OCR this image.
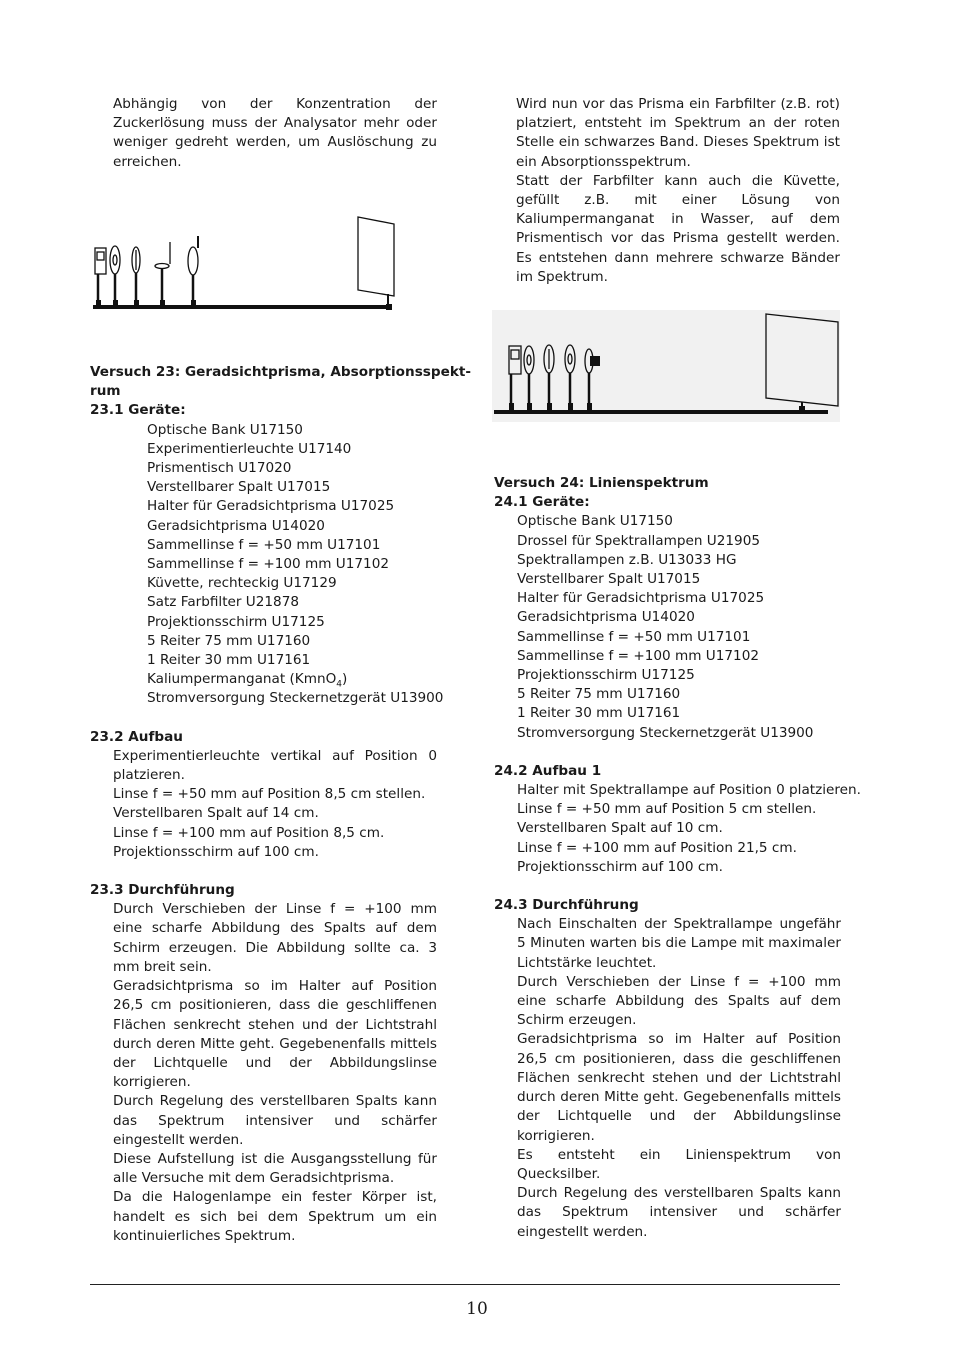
Abhängig von der Konzentration der Zuckerlösung muss der Analysator mehr oder weniger gedreht werden, um Auslöschung zu erreichen.

Versuch 23: Geradsichtprisma, Absorptionsspekt-
rum
23.1 Geräte:
Optische Bank U17150
Experimentierleuchte U17140
Prismentisch U17020
Verstellbarer Spalt U17015
Halter für Geradsichtprisma U17025
Geradsichtprisma U14020
Sammellinse f = +50 mm U17101
Sammellinse f = +100 mm U17102
Küvette, rechteckig U17129
Satz Farbfilter U21878
Projektionsschirm U17125
5 Reiter 75 mm U17160
1 Reiter 30 mm U17161
Kaliumpermanganat (KmnO$_4$)
Stromversorgung Steckernetzgerät U13900
23.2 Aufbau

Experimentierleuchte vertikal auf Position 0 platzieren.

Linse f = +50 mm auf Position 8,5 cm stellen.
Verstellbaren Spalt auf 14 cm.
Linse f = +100 mm auf Position 8,5 cm.
Projektionsschirm auf 100 cm.
23.3 Durchführung

Durch Verschieben der Linse f = +100 mm eine scharfe Abbildung des Spalts auf dem Schirm erzeugen. Die Abbildung sollte ca. 3 mm breit sein.

Geradsichtprisma so im Halter auf Position 26,5 cm positionieren, dass die geschliffenen Flächen senkrecht stehen und der Lichtstrahl durch deren Mitte geht. Gegebenenfalls mittels der Lichtquelle und der Abbildungslinse korrigieren.

Durch Regelung des verstellbaren Spalts kann das Spektrum intensiver und schärfer eingestellt werden.

Diese Aufstellung ist die Ausgangsstellung für alle Versuche mit dem Geradsichtprisma.

Da die Halogenlampe ein fester Körper ist, handelt es sich bei dem Spektrum um ein kontinuierliches Spektrum.

Wird nun vor das Prisma ein Farbfilter (z.B. rot) platziert, entsteht im Spektrum an der roten Stelle ein schwarzes Band. Dieses Spektrum ist ein Absorptionsspektrum.

Statt der Farbfilter kann auch die Küvette, gefüllt z.B. mit einer Lösung von Kaliumpermanganat in Wasser, auf dem Prismentisch vor das Prisma gestellt werden. Es entstehen dann mehrere schwarze Bänder im Spektrum.

Versuch 24: Linienspektrum
24.1 Geräte:
Optische Bank U17150
Drossel für Spektrallampen U21905
Spektrallampen z.B. U13033 HG
Verstellbarer Spalt U17015
Halter für Geradsichtprisma U17025
Geradsichtprisma U14020
Sammellinse f = +50 mm U17101
Sammellinse f = +100 mm U17102
Projektionsschirm U17125
5 Reiter 75 mm U17160
1 Reiter 30 mm U17161
Stromversorgung Steckernetzgerät U13900
24.2 Aufbau 1
Halter mit Spektrallampe auf Position 0 platzieren.
Linse f = +50 mm auf Position 5 cm stellen.
Verstellbaren Spalt auf 10 cm.
Linse f = +100 mm auf Position 21,5 cm.
Projektionsschirm auf 100 cm.
24.3 Durchführung

Nach Einschalten der Spektrallampe ungefähr 5 Minuten warten bis die Lampe mit maximaler Lichtstärke leuchtet.

Durch Verschieben der Linse f = +100 mm eine scharfe Abbildung des Spalts auf dem Schirm erzeugen.

Geradsichtprisma so im Halter auf Position 26,5 cm positionieren, dass die geschliffenen Flächen senkrecht stehen und der Lichtstrahl durch deren Mitte geht. Gegebenenfalls mittels der Lichtquelle und der Abbildungslinse korrigieren.

Es entsteht ein Linienspektrum von Quecksilber.

Durch Regelung des verstellbaren Spalts kann das Spektrum intensiver und schärfer eingestellt werden.

10
